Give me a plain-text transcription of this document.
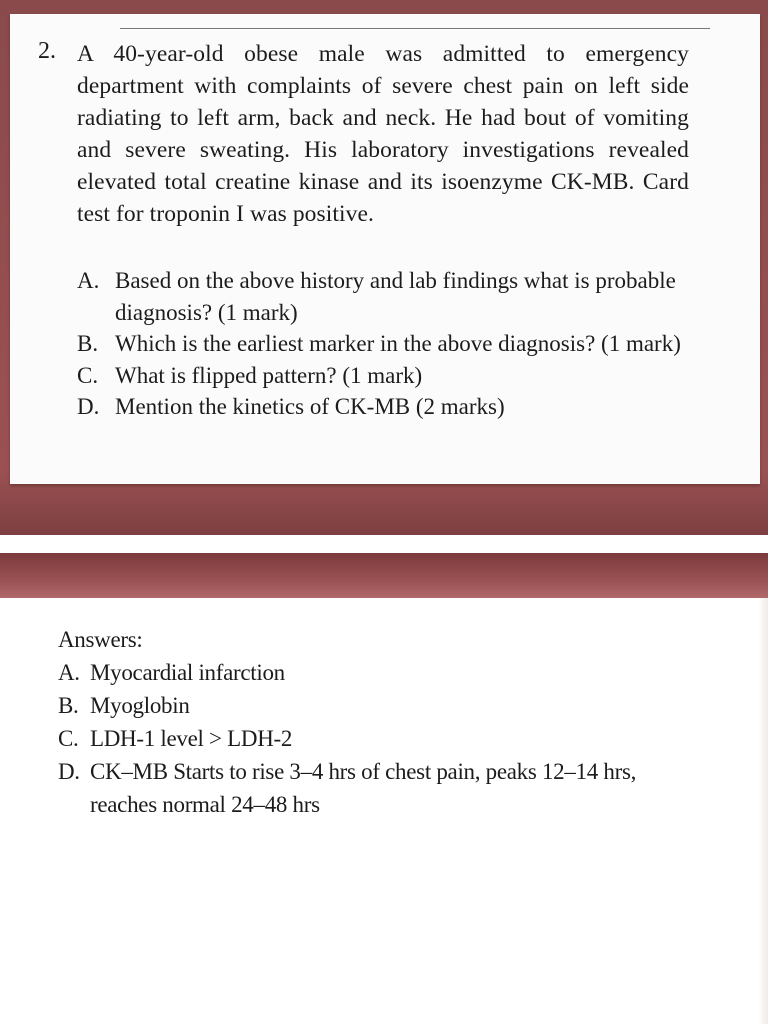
2. A 40-year-old obese male was admitted to emergency department with complaints of severe chest pain on left side radiating to left arm, back and neck. He had bout of vomiting and severe sweating. His laboratory investigations revealed elevated total creatine kinase and its isoenzyme CK-MB. Card test for troponin I was positive.
A. Based on the above history and lab findings what is probable diagnosis? (1 mark)
B. Which is the earliest marker in the above diagnosis? (1 mark)
C. What is flipped pattern? (1 mark)
D. Mention the kinetics of CK-MB (2 marks)
Answers:
A. Myocardial infarction
B. Myoglobin
C. LDH-1 level > LDH-2
D. CK–MB Starts to rise 3–4 hrs of chest pain, peaks 12–14 hrs, reaches normal 24–48 hrs
